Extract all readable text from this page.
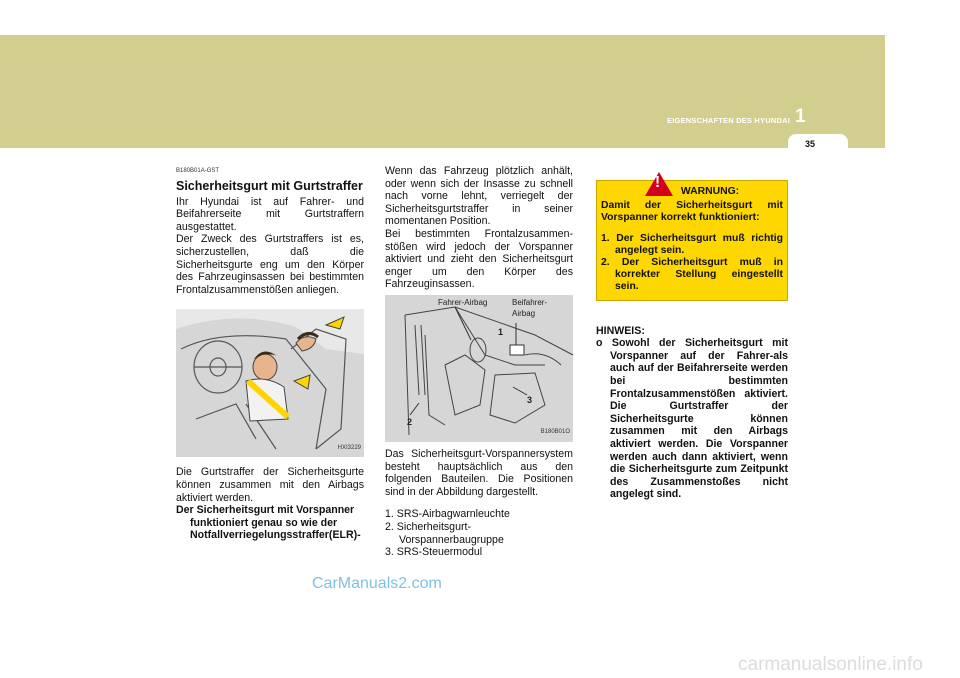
EIGENSCHAFTEN DES HYUNDAI 1
35
B180B01A-GST
Sicherheitsgurt mit Gurtstraffer

Ihr Hyundai ist auf Fahrer- und Beifahrerseite mit Gurtstraffern ausgestattet.

Der Zweck des Gurtstraffers ist es, sicherzustellen, daß die Sicherheitsgurte eng um den Körper des Fahrzeuginsassen bei bestimmten Frontalzusammenstößen anliegen.

HXI3229

Die Gurtstraffer der Sicherheitsgurte können zusammen mit den Airbags aktiviert werden.

Der Sicherheitsgurt mit Vorspanner

funktioniert genau so wie der Notfallverriegelungsstraffer(ELR)-

Wenn das Fahrzeug plötzlich anhält, oder wenn sich der Insasse zu schnell nach vorne lehnt, verriegelt der Sicherheitsgurtstraffer in seiner momentanen Position.

Bei bestimmten Frontalzusammen-stößen wird jedoch der Vorspanner aktiviert und zieht den Sicherheitsgurt enger um den Körper des Fahrzeuginsassen.

Fahrer-Airbag	Beifahrer-
Airbag
1
2
3
B180B01O

Das Sicherheitsgurt-Vorspannersystem besteht hauptsächlich aus den folgenden Bauteilen. Die Positionen sind in der Abbildung dargestellt.

1. SRS-Airbagwarnleuchte

2. Sicherheitsgurt-

Vorspannerbaugruppe

3. SRS-Steuermodul

!
WARNUNG:

Damit der Sicherheitsgurt mit Vorspanner korrekt funktioniert:

1. Der Sicherheitsgurt muß richtig angelegt sein.

2. Der Sicherheitsgurt muß in korrekter Stellung eingestellt sein.

HINWEIS:

o Sowohl der Sicherheitsgurt mit Vorspanner auf der Fahrer-als auch auf der Beifahrerseite werden bei bestimmten Frontalzusammenstößen aktiviert. Die Gurtstraffer der Sicherheitsgurte können zusammen mit den Airbags aktiviert werden. Die Vorspanner werden auch dann aktiviert, wenn die Sicherheitsgurte zum Zeitpunkt des Zusammenstoßes nicht angelegt sind.

CarManuals2.com
carmanualsonline.info
